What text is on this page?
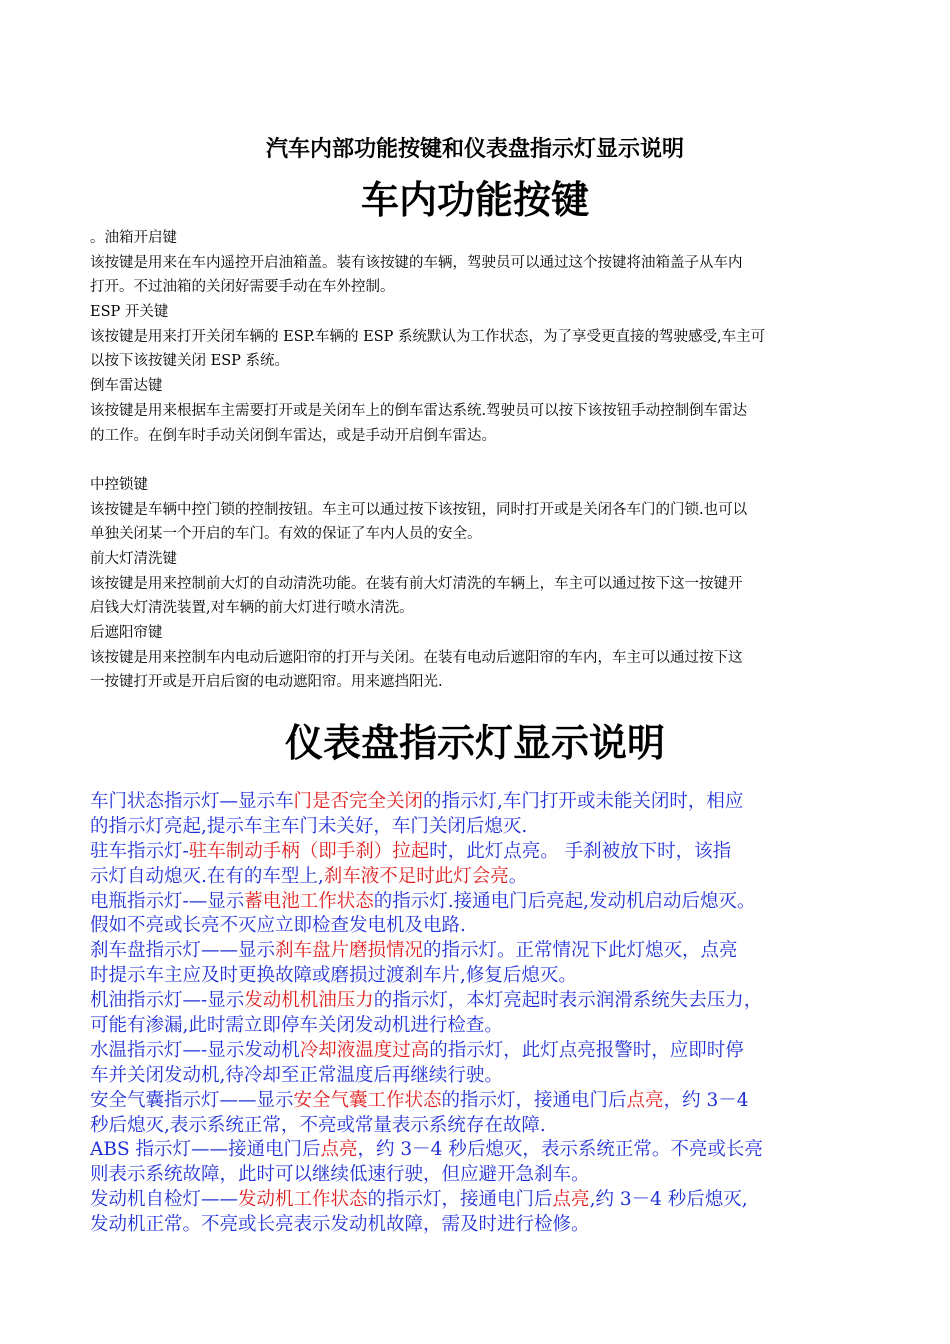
汽车内部功能按键和仪表盘指示灯显示说明
车内功能按键
。油箱开启键
该按键是用来在车内遥控开启油箱盖。装有该按键的车辆，驾驶员可以通过这个按键将油箱盖子从车内
打开。不过油箱的关闭好需要手动在车外控制。
ESP 开关键
该按键是用来打开关闭车辆的 ESP.车辆的 ESP 系统默认为工作状态，为了享受更直接的驾驶感受,车主可
以按下该按键关闭 ESP 系统。
倒车雷达键
该按键是用来根据车主需要打开或是关闭车上的倒车雷达系统.驾驶员可以按下该按钮手动控制倒车雷达
的工作。在倒车时手动关闭倒车雷达，或是手动开启倒车雷达。
中控锁键
该按键是车辆中控门锁的控制按钮。车主可以通过按下该按钮，同时打开或是关闭各车门的门锁.也可以
单独关闭某一个开启的车门。有效的保证了车内人员的安全。
前大灯清洗键
该按键是用来控制前大灯的自动清洗功能。在装有前大灯清洗的车辆上，车主可以通过按下这一按键开
启钱大灯清洗装置,对车辆的前大灯进行喷水清洗。
后遮阳帘键
该按键是用来控制车内电动后遮阳帘的打开与关闭。在装有电动后遮阳帘的车内，车主可以通过按下这
一按键打开或是开启后窗的电动遮阳帘。用来遮挡阳光.
仪表盘指示灯显示说明
车门状态指示灯—显示车门是否完全关闭的指示灯,车门打开或未能关闭时，相应
的指示灯亮起,提示车主车门未关好，车门关闭后熄灭.
驻车指示灯-驻车制动手柄（即手刹）拉起时，此灯点亮。 手刹被放下时，该指
示灯自动熄灭.在有的车型上,刹车液不足时此灯会亮。
电瓶指示灯-—显示蓄电池工作状态的指示灯.接通电门后亮起,发动机启动后熄灭。
假如不亮或长亮不灭应立即检查发电机及电路.
刹车盘指示灯——显示刹车盘片磨损情况的指示灯。正常情况下此灯熄灭，点亮
时提示车主应及时更换故障或磨损过渡刹车片,修复后熄灭。
机油指示灯—-显示发动机机油压力的指示灯，本灯亮起时表示润滑系统失去压力，
可能有渗漏,此时需立即停车关闭发动机进行检查。
水温指示灯—-显示发动机冷却液温度过高的指示灯，此灯点亮报警时，应即时停
车并关闭发动机,待冷却至正常温度后再继续行驶。
安全气囊指示灯——显示安全气囊工作状态的指示灯，接通电门后点亮，约 3－4
秒后熄灭,表示系统正常，不亮或常量表示系统存在故障.
ABS 指示灯——接通电门后点亮，约 3－4 秒后熄灭，表示系统正常。不亮或长亮
则表示系统故障，此时可以继续低速行驶，但应避开急刹车。
发动机自检灯——发动机工作状态的指示灯，接通电门后点亮,约 3－4 秒后熄灭,
发动机正常。不亮或长亮表示发动机故障，需及时进行检修。
